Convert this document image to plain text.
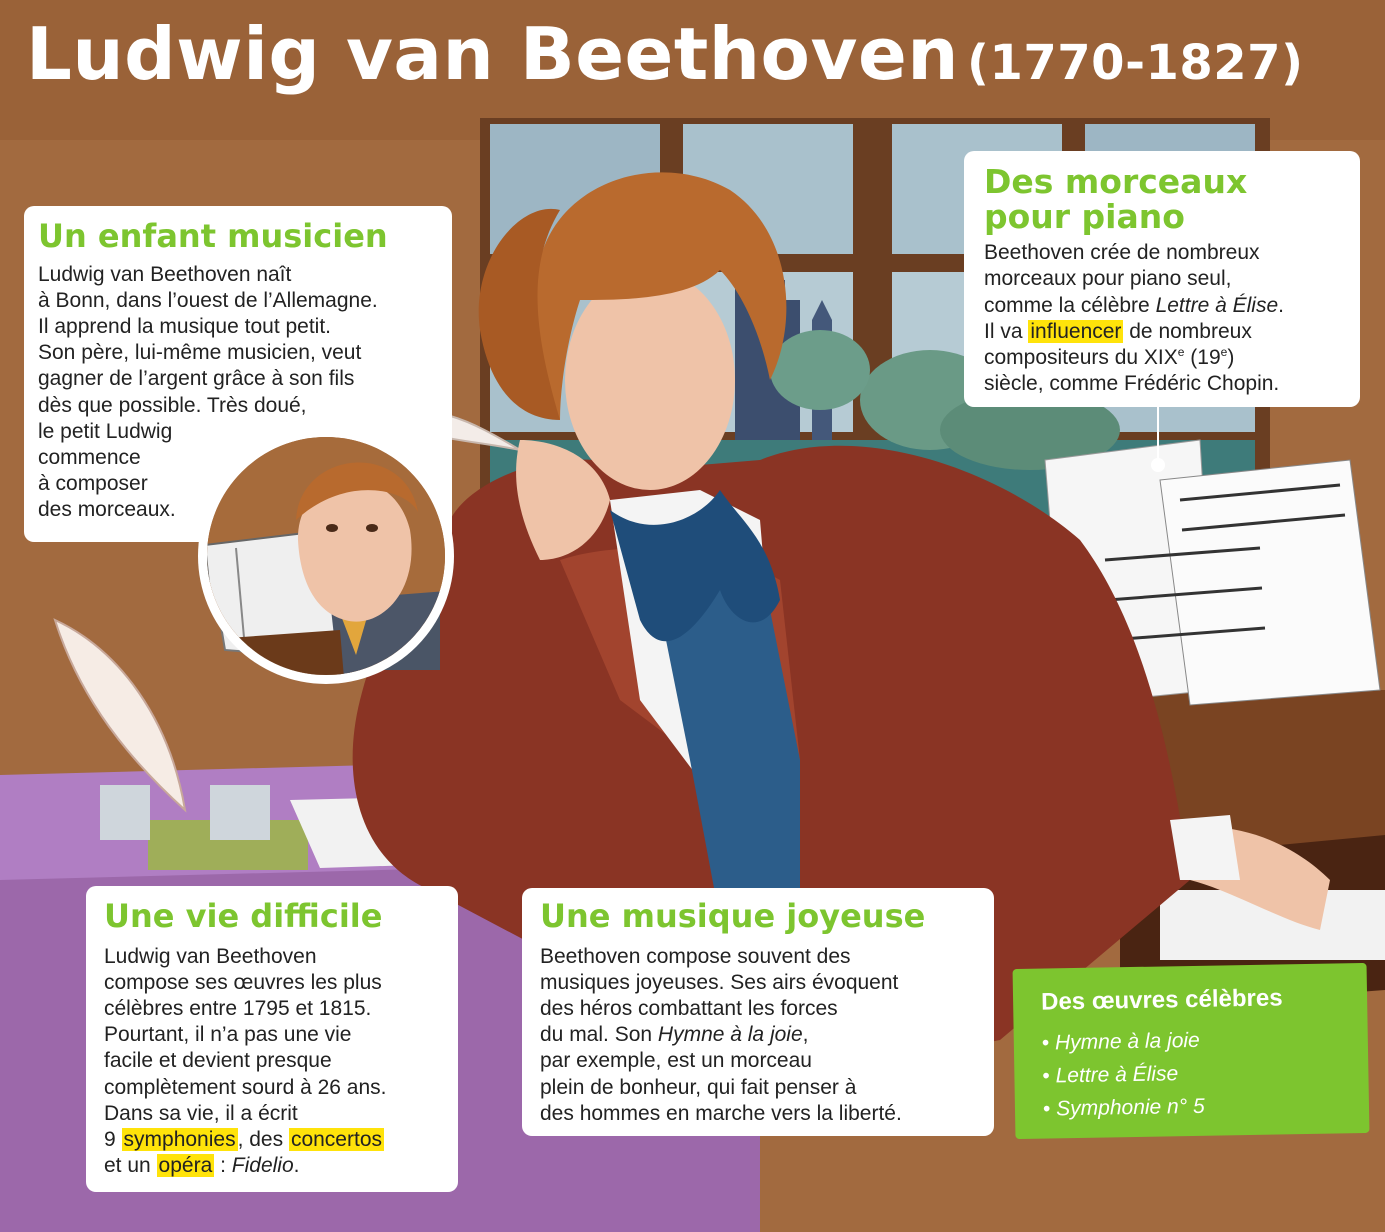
Ludwig van Beethoven (1770-1827)
Un enfant musicien

Ludwig van Beethoven naît
à Bonn, dans l’ouest de l’Allemagne.
Il apprend la musique tout petit.
Son père, lui-même musicien, veut
gagner de l’argent grâce à son fils
dès que possible. Très doué,
le petit Ludwig
commence
à composer
des morceaux.

Des morceaux
pour piano

Beethoven crée de nombreux
morceaux pour piano seul,
comme la célèbre Lettre à Élise.
Il va influencer de nombreux
compositeurs du XIXe (19e)
siècle, comme Frédéric Chopin.

Une vie difficile

Ludwig van Beethoven
compose ses œuvres les plus
célèbres entre 1795 et 1815.
Pourtant, il n’a pas une vie
facile et devient presque
complètement sourd à 26 ans.
Dans sa vie, il a écrit
9 symphonies, des concertos
et un opéra : Fidelio.

Une musique joyeuse

Beethoven compose souvent des
musiques joyeuses. Ses airs évoquent
des héros combattant les forces
du mal. Son Hymne à la joie,
par exemple, est un morceau
plein de bonheur, qui fait penser à
des hommes en marche vers la liberté.

Des œuvres célèbres
• Hymne à la joie
• Lettre à Élise
• Symphonie n° 5
